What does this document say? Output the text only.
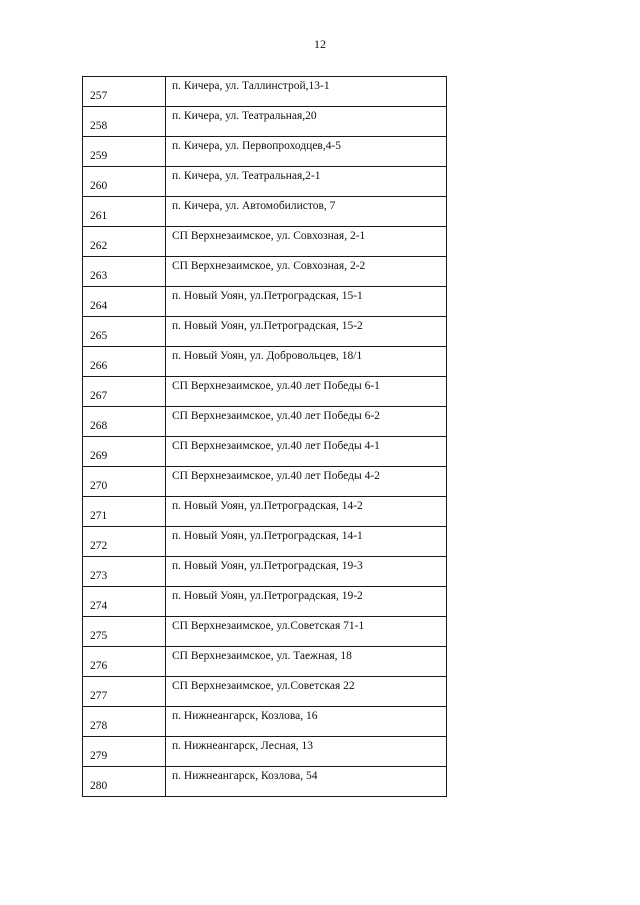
12
257	п. Кичера, ул. Таллинстрой,13-1
258	п. Кичера, ул. Театральная,20
259	п. Кичера, ул. Первопроходцев,4-5
260	п. Кичера, ул. Театральная,2-1
261	п. Кичера, ул. Автомобилистов, 7
262	СП Верхнезаимское, ул. Совхозная, 2-1
263	СП Верхнезаимское, ул. Совхозная, 2-2
264	п. Новый Уоян, ул.Петроградская, 15-1
265	п. Новый Уоян, ул.Петроградская, 15-2
266	п. Новый Уоян, ул. Добровольцев, 18/1
267	СП Верхнезаимское, ул.40 лет Победы 6-1
268	СП Верхнезаимское, ул.40 лет Победы 6-2
269	СП Верхнезаимское, ул.40 лет Победы 4-1
270	СП Верхнезаимское, ул.40 лет Победы 4-2
271	п. Новый Уоян, ул.Петроградская, 14-2
272	п. Новый Уоян, ул.Петроградская, 14-1
273	п. Новый Уоян, ул.Петроградская, 19-3
274	п. Новый Уоян, ул.Петроградская, 19-2
275	СП Верхнезаимское, ул.Советская 71-1
276	СП Верхнезаимское, ул. Таежная, 18
277	СП Верхнезаимское, ул.Советская 22
278	п. Нижнеангарск, Козлова, 16
279	п. Нижнеангарск, Лесная, 13
280	п. Нижнеангарск, Козлова, 54
